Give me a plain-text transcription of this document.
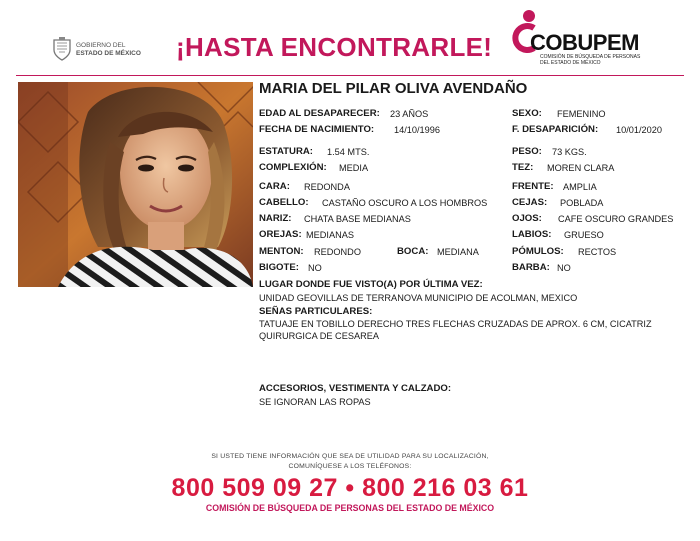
GOBIERNO DEL
ESTADO DE MÉXICO ¡HASTA ENCONTRARLE! COBUPEM
COMISIÓN DE BÚSQUEDA DE PERSONAS
DEL ESTADO DE MÉXICO
MARIA DEL PILAR OLIVA AVENDAÑO
EDAD AL DESAPARECER: 23 AÑOS	SEXO: FEMENINO
FECHA DE NACIMIENTO: 14/10/1996	F. DESAPARICIÓN: 10/01/2020
ESTATURA: 1.54 MTS.	PESO: 73 KGS.
COMPLEXIÓN: MEDIA	TEZ: MOREN CLARA
CARA: REDONDA	FRENTE: AMPLIA
CABELLO: CASTAÑO OSCURO A LOS HOMBROS	CEJAS: POBLADA
NARIZ: CHATA BASE MEDIANAS	OJOS: CAFE OSCURO GRANDES
OREJAS: MEDIANAS	LABIOS: GRUESO
MENTON: REDONDO	BOCA: MEDIANA	PÓMULOS: RECTOS
BIGOTE: NO	BARBA: NO
LUGAR DONDE FUE VISTO(A) POR ÚLTIMA VEZ:
UNIDAD GEOVILLAS DE TERRANOVA MUNICIPIO DE ACOLMAN, MEXICO
SEÑAS PARTICULARES:
TATUAJE EN TOBILLO DERECHO TRES FLECHAS CRUZADAS DE APROX. 6 CM, CICATRIZ
QUIRURGICA DE CESAREA
ACCESORIOS, VESTIMENTA Y CALZADO:
SE IGNORAN LAS ROPAS
SI USTED TIENE INFORMACIÓN QUE SEA DE UTILIDAD PARA SU LOCALIZACIÓN,
COMUNÍQUESE A LOS TELÉFONOS:
800 509 09 27 • 800 216 03 61
COMISIÓN DE BÚSQUEDA DE PERSONAS DEL ESTADO DE MÉXICO
